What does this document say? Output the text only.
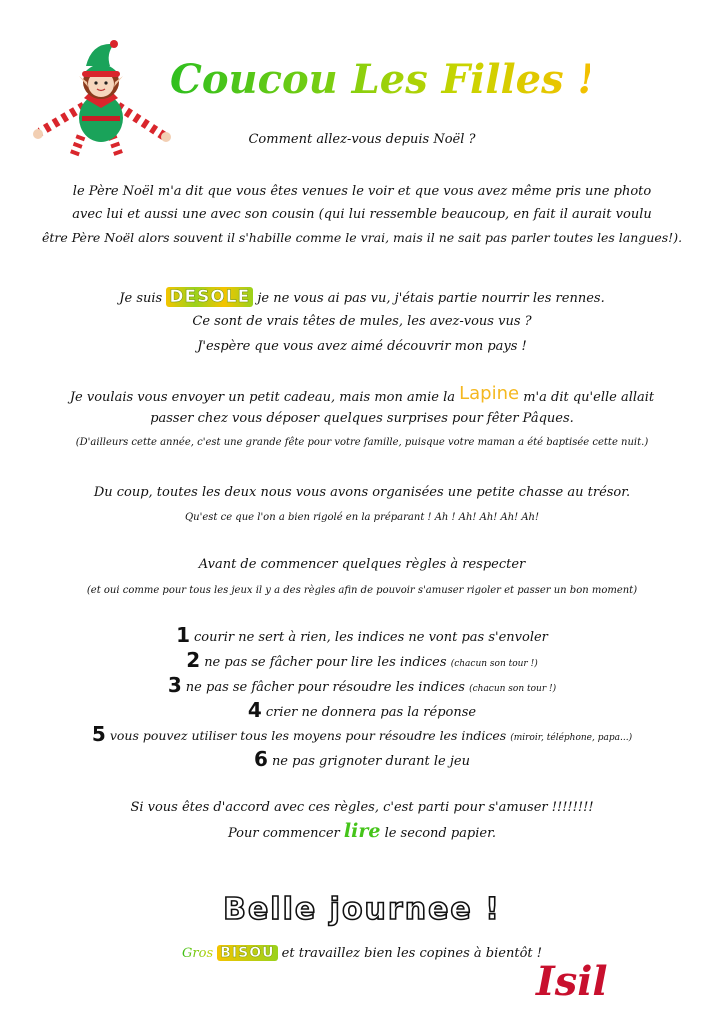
Coucou Les Filles !!
Comment allez-vous depuis Noël ?
le Père Noël m'a dit que vous êtes venues le voir et que vous avez même pris une photo
avec lui et aussi une avec son cousin (qui lui ressemble beaucoup, en fait il aurait voulu
être Père Noël alors souvent il s'habille comme le vrai, mais il ne sait pas parler toutes les langues!).
Je suis DESOLE je ne vous ai pas vu, j'étais partie nourrir les rennes.
Ce sont de vrais têtes de mules, les avez-vous vus ?
J'espère que vous avez aimé découvrir mon pays !
Je voulais vous envoyer un petit cadeau, mais mon amie la Lapine m'a dit qu'elle allait
passer chez vous déposer quelques surprises pour fêter Pâques.
(D'ailleurs cette année, c'est une grande fête pour votre famille, puisque votre maman a été baptisée cette nuit.)
Du coup, toutes les deux nous vous avons organisées une petite chasse au trésor.
Qu'est ce que l'on a bien rigolé en la préparant ! Ah ! Ah! Ah! Ah! Ah!
Avant de commencer quelques règles à respecter
(et oui comme pour tous les jeux il y a des règles afin de pouvoir s'amuser rigoler et passer un bon moment)
1 courir ne sert à rien, les indices ne vont pas s'envoler
2 ne pas se fâcher pour lire les indices (chacun son tour !)
3 ne pas se fâcher pour résoudre les indices (chacun son tour !)
4 crier ne donnera pas la réponse
5 vous pouvez utiliser tous les moyens pour résoudre les indices (miroir, téléphone, papa...)
6 ne pas grignoter durant le jeu
Si vous êtes d'accord avec ces règles, c'est parti pour s'amuser !!!!!!!!
Pour commencer lire le second papier.
Belle journee !
Gros BISOU et travaillez bien les copines à bientôt !
Isil
